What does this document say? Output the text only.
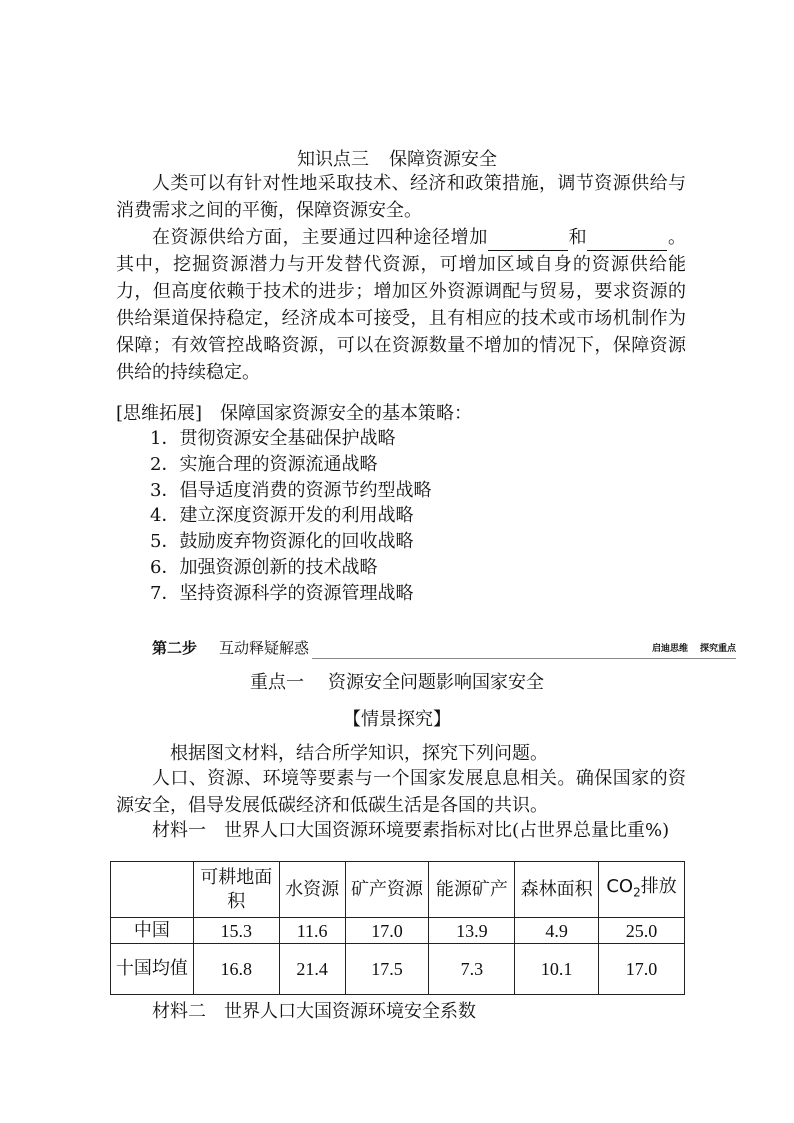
知识点三 保障资源安全
人类可以有针对性地采取技术、经济和政策措施，调节资源供给与消费需求之间的平衡，保障资源安全。
在资源供给方面，主要通过四种途径增加	和	。其中，挖掘资源潜力与开发替代资源，可增加区域自身的资源供给能力，但高度依赖于技术的进步；增加区外资源调配与贸易，要求资源的供给渠道保持稳定，经济成本可接受，且有相应的技术或市场机制作为保障；有效管控战略资源，可以在资源数量不增加的情况下，保障资源供给的持续稳定。
[思维拓展]　保障国家资源安全的基本策略：
1．贯彻资源安全基础保护战略
2．实施合理的资源流通战略
3．倡导适度消费的资源节约型战略
4．建立深度资源开发的利用战略
5．鼓励废弃物资源化的回收战略
6．加强资源创新的技术战略
7．坚持资源科学的资源管理战略
第二步 互动释疑解惑	启迪思维 探究重点
重点一 资源安全问题影响国家安全
【情景探究】
根据图文材料，结合所学知识，探究下列问题。
人口、资源、环境等要素与一个国家发展息息相关。确保国家的资源安全，倡导发展低碳经济和低碳生活是各国的共识。
材料一　世界人口大国资源环境要素指标对比(占世界总量比重%)
	可耕地面积	水资源	矿产资源	能源矿产	森林面积	$CO_2$排放
中国	15.3	11.6	17.0	13.9	4.9	25.0
十国均值	16.8	21.4	17.5	7.3	10.1	17.0
材料二　世界人口大国资源环境安全系数
